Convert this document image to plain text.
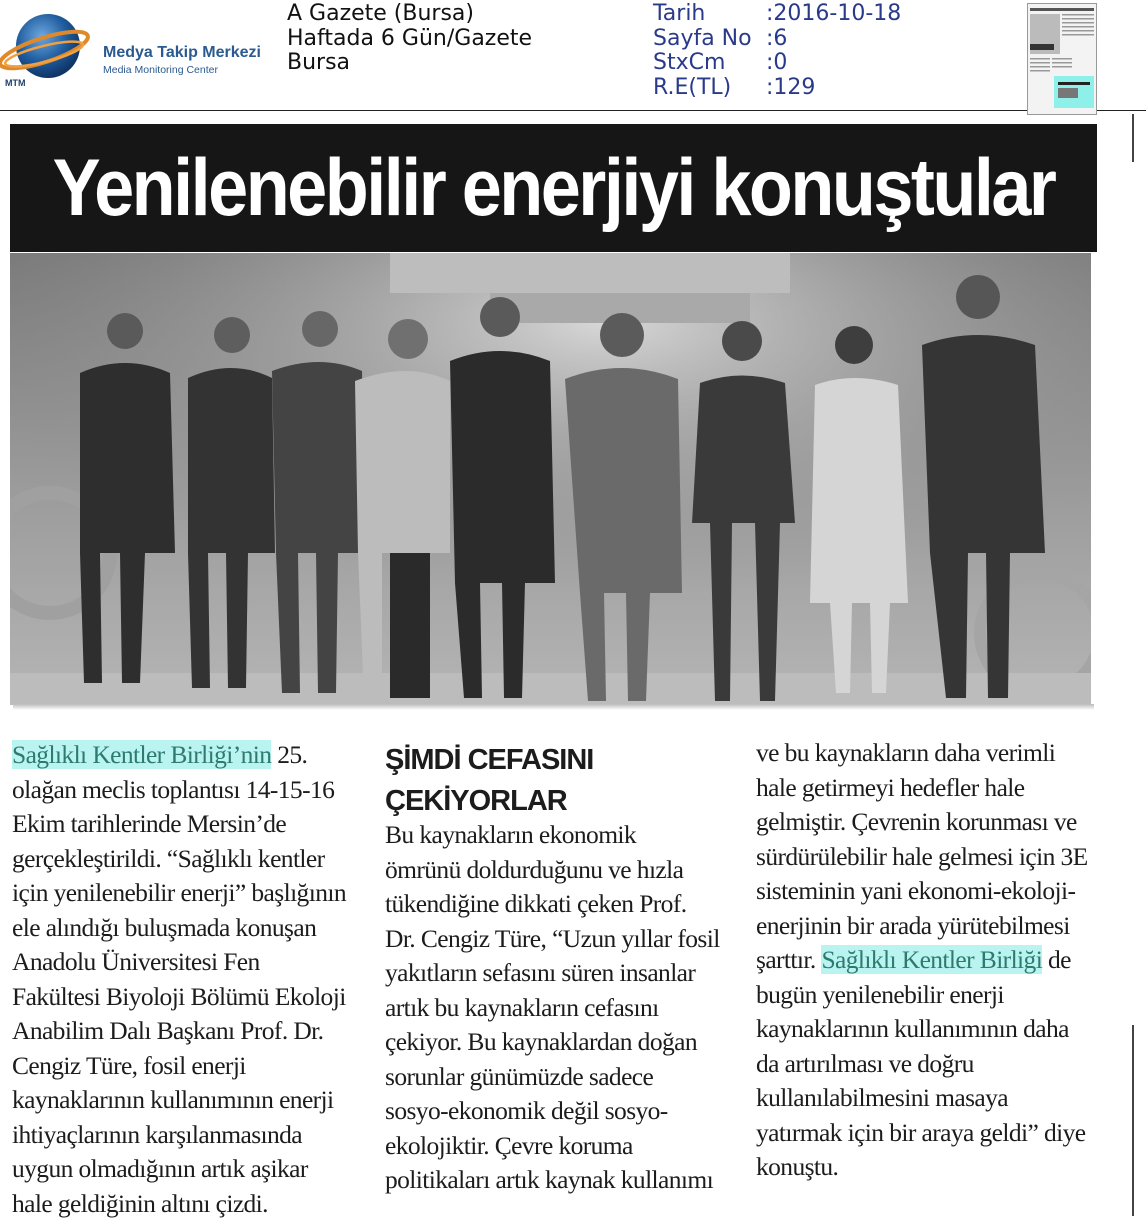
MTM
Medya Takip Merkezi
Media Monitoring Center
A Gazete (Bursa)
Haftada 6 Gün/Gazete
Bursa
Tarih	:2016-10-18
Sayfa No :6
StxCm	:0
R.E(TL)	:129
Yenilenebilir enerjiyi konuştular

Sağlıklı Kentler Birliği’nin 25.

olağan meclis toplantısı 14-15-16

Ekim tarihlerinde Mersin’de

gerçekleştirildi. “Sağlıklı kentler

için yenilenebilir enerji” başlığının

ele alındığı buluşmada konuşan

Anadolu Üniversitesi Fen

Fakültesi Biyoloji Bölümü Ekoloji

Anabilim Dalı Başkanı Prof. Dr.

Cengiz Türe, fosil enerji

kaynaklarının kullanımının enerji

ihtiyaçlarının karşılanmasında

uygun olmadığının artık aşikar

hale geldiğinin altını çizdi.

ŞİMDİ CEFASINI

ÇEKİYORLAR

Bu kaynakların ekonomik

ömrünü doldurduğunu ve hızla

tükendiğine dikkati çeken Prof.

Dr. Cengiz Türe, “Uzun yıllar fosil

yakıtların sefasını süren insanlar

artık bu kaynakların cefasını

çekiyor. Bu kaynaklardan doğan

sorunlar günümüzde sadece

sosyo-ekonomik değil sosyo-

ekolojiktir. Çevre koruma

politikaları artık kaynak kullanımı

ve bu kaynakların daha verimli

hale getirmeyi hedefler hale

gelmiştir. Çevrenin korunması ve

sürdürülebilir hale gelmesi için 3E

sisteminin yani ekonomi-ekoloji-

enerjinin bir arada yürütebilmesi

şarttır. Sağlıklı Kentler Birliği de

bugün yenilenebilir enerji

kaynaklarının kullanımının daha

da artırılması ve doğru

kullanılabilmesini masaya

yatırmak için bir araya geldi” diye

konuştu.
